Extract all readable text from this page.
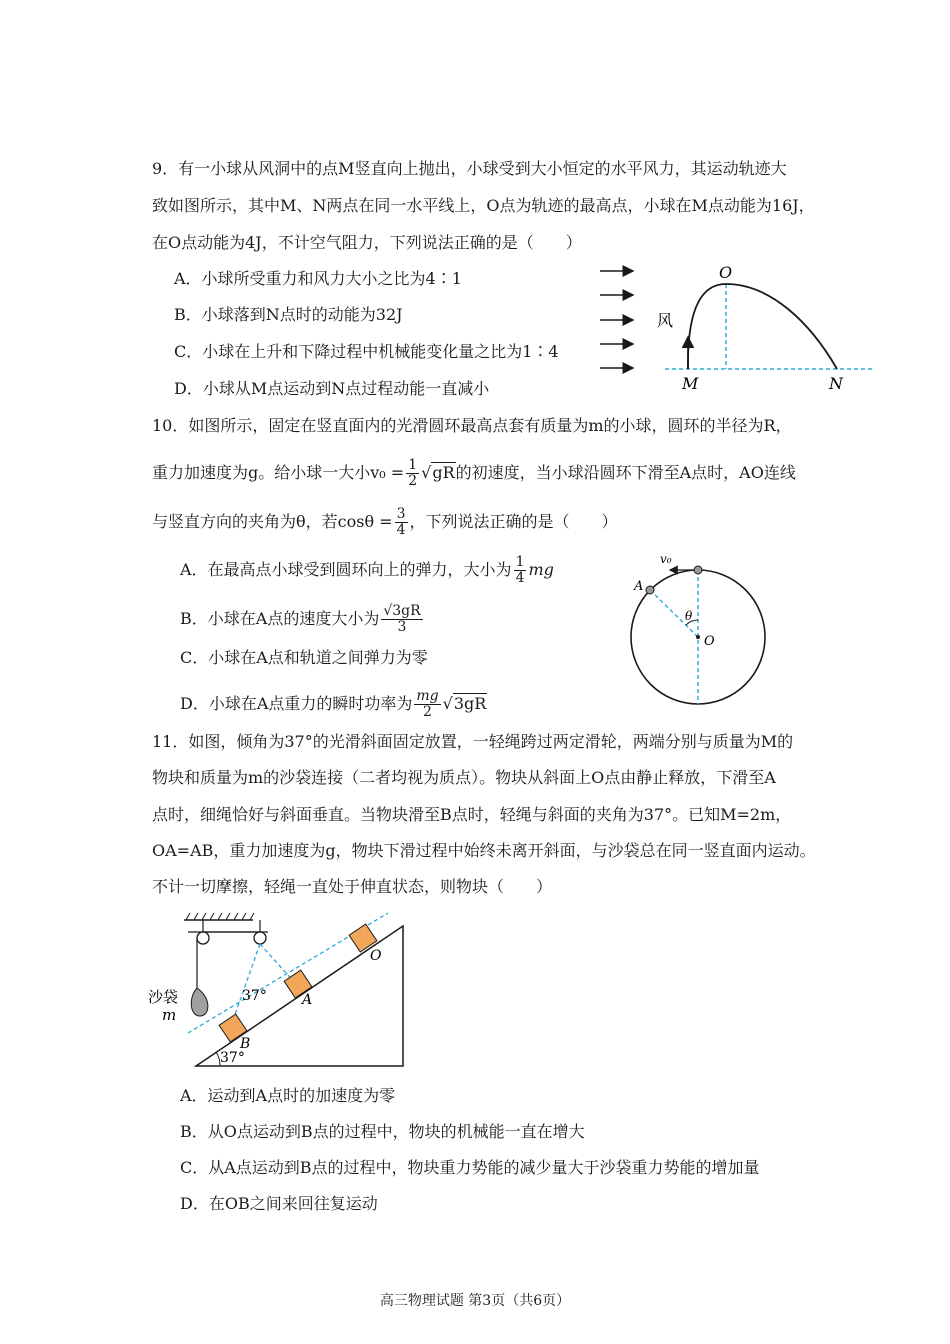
9．有一小球从风洞中的点M竖直向上抛出，小球受到大小恒定的水平风力，其运动轨迹大
致如图所示，其中M、N两点在同一水平线上，O点为轨迹的最高点，小球在M点动能为16J，
在O点动能为4J，不计空气阻力，下列说法正确的是（　　）
A．小球所受重力和风力大小之比为4∶1
B．小球落到N点时的动能为32J
C．小球在上升和下降过程中机械能变化量之比为1∶4
D．小球从M点运动到N点过程动能一直减小
风
O
M	N
10．如图所示，固定在竖直面内的光滑圆环最高点套有质量为m的小球，圆环的半径为R，
重力加速度为g。给小球一大小$v_0 = \frac{1}{2} √gR$的初速度，当小球沿圆环下滑至A点时，AO连线
与竖直方向的夹角为θ，若$\cos\theta = \frac{3}{4}$ ，下列说法正确的是（　　）
A．在最高点小球受到圆环向上的弹力，大小为 $\frac{1}{4}$ mg
B．小球在A点的速度大小为 $\frac{√3gR}{3}$
C．小球在A点和轨道之间弹力为零
D．小球在A点重力的瞬时功率为 $\frac{mg}{2} √3gR$
v₀
A
θ
O
11．如图，倾角为37°的光滑斜面固定放置，一轻绳跨过两定滑轮，两端分别与质量为M的
物块和质量为m的沙袋连接（二者均视为质点）。物块从斜面上O点由静止释放，下滑至A
点时，细绳恰好与斜面垂直。当物块滑至B点时，轻绳与斜面的夹角为37°。已知M=2m，
OA=AB，重力加速度为g，物块下滑过程中始终未离开斜面，与沙袋总在同一竖直面内运动。
不计一切摩擦，轻绳一直处于伸直状态，则物块（　　）
沙袋
m
37°
37°
A
B
O
A．运动到A点时的加速度为零
B．从O点运动到B点的过程中，物块的机械能一直在增大
C．从A点运动到B点的过程中，物块重力势能的减少量大于沙袋重力势能的增加量
D．在OB之间来回往复运动
高三物理试题 第3页（共6页）
